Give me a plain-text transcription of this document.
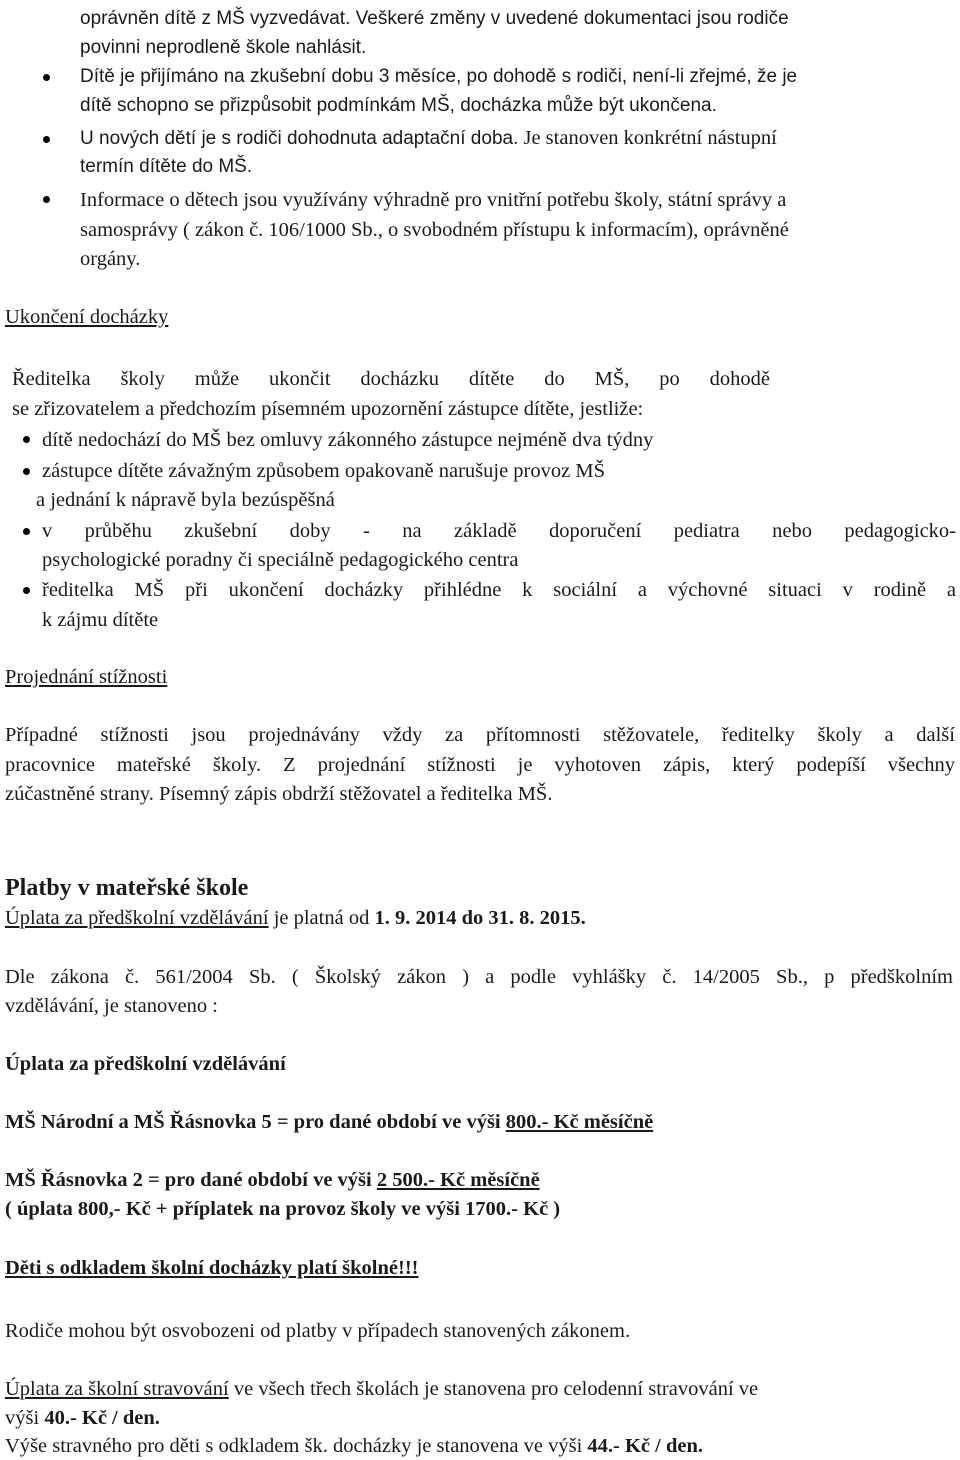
oprávněn dítě z MŠ vyzvedávat. Veškeré změny v uvedené dokumentaci jsou rodiče
povinni neprodleně škole nahlásit.
Dítě je přijímáno na zkušební dobu 3 měsíce, po dohodě s rodiči, není-li zřejmé, že je
dítě schopno se přizpůsobit podmínkám MŠ, docházka může být ukončena.
U nových dětí je s rodiči dohodnuta adaptační doba. Je stanoven konkrétní nástupní
termín dítěte do MŠ.
Informace o dětech jsou využívány výhradně pro vnitřní potřebu školy, státní správy a
samosprávy ( zákon č. 106/1000 Sb., o svobodném přístupu k informacím), oprávněné
orgány.
Ukončení docházky
Ředitelka školy může ukončit docházku dítěte do MŠ, po dohodě
se zřizovatelem a předchozím písemném upozornění zástupce dítěte, jestliže:
dítě nedochází do MŠ bez omluvy zákonného zástupce nejméně dva týdny
zástupce dítěte závažným způsobem opakovaně narušuje provoz MŠ
a jednání k nápravě byla bezúspěšná
v průběhu zkušební doby - na základě doporučení pediatra nebo pedagogicko-
psychologické poradny či speciálně pedagogického centra
ředitelka MŠ při ukončení docházky přihlédne k sociální a výchovné situaci v rodině a
k zájmu dítěte
Projednání stížnosti
Případné stížnosti jsou projednávány vždy za přítomnosti stěžovatele, ředitelky školy a další
pracovnice mateřské školy. Z projednání stížnosti je vyhotoven zápis, který podepíší všechny
zúčastněné strany. Písemný zápis obdrží stěžovatel a ředitelka MŠ.
Platby v mateřské škole
Úplata za předškolní vzdělávání je platná od 1. 9. 2014 do 31. 8. 2015.
Dle zákona č. 561/2004 Sb. ( Školský zákon ) a podle vyhlášky č. 14/2005 Sb., p předškolním
vzdělávání, je stanoveno :
Úplata za předškolní vzdělávání
MŠ Národní a MŠ Řásnovka 5 = pro dané období ve výši 800.- Kč měsíčně
MŠ Řásnovka 2 = pro dané období ve výši 2 500.- Kč měsíčně
( úplata 800,- Kč + příplatek na provoz školy ve výši 1700.- Kč )
Děti s odkladem školní docházky platí školné!!!
Rodiče mohou být osvobozeni od platby v případech stanovených zákonem.
Úplata za školní stravování ve všech třech školách je stanovena pro celodenní stravování ve
výši 40.- Kč / den.
Výše stravného pro děti s odkladem šk. docházky je stanovena ve výši 44.- Kč / den.
